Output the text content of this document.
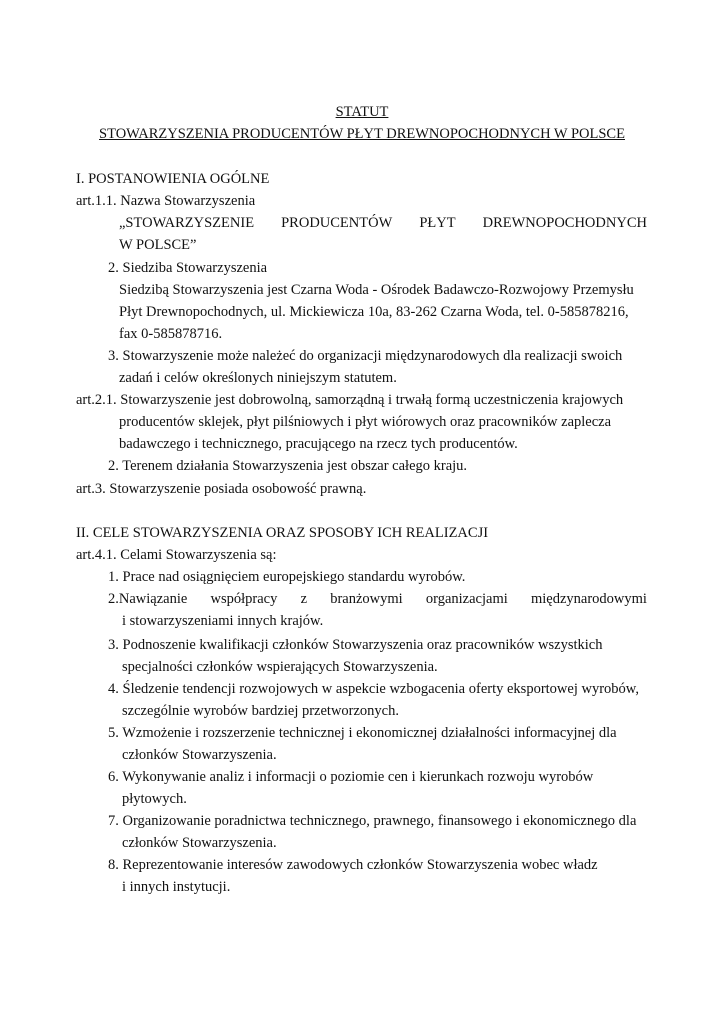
STATUT
STOWARZYSZENIA PRODUCENTÓW PŁYT DREWNOPOCHODNYCH W POLSCE
I. POSTANOWIENIA OGÓLNE
art.1.1. Nazwa Stowarzyszenia
„STOWARZYSZENIE PRODUCENTÓW PŁYT DREWNOPOCHODNYCH
W POLSCE”
2. Siedziba Stowarzyszenia
Siedzibą Stowarzyszenia jest Czarna Woda - Ośrodek Badawczo-Rozwojowy Przemysłu
Płyt Drewnopochodnych, ul. Mickiewicza 10a, 83-262 Czarna Woda, tel. 0-585878216,
fax 0-585878716.
3. Stowarzyszenie może należeć do organizacji międzynarodowych dla realizacji swoich
zadań i celów określonych niniejszym statutem.
art.2.1. Stowarzyszenie jest dobrowolną, samorządną i trwałą formą uczestniczenia krajowych
producentów sklejek, płyt pilśniowych i płyt wiórowych oraz pracowników zaplecza
badawczego i technicznego, pracującego na rzecz tych producentów.
2. Terenem działania Stowarzyszenia jest obszar całego kraju.
art.3. Stowarzyszenie posiada osobowość prawną.
II. CELE STOWARZYSZENIA ORAZ SPOSOBY ICH REALIZACJI
art.4.1. Celami Stowarzyszenia są:
1. Prace nad osiągnięciem europejskiego standardu wyrobów.
2.Nawiązanie współpracy z branżowymi organizacjami międzynarodowymi
i stowarzyszeniami innych krajów.
3. Podnoszenie kwalifikacji członków Stowarzyszenia oraz pracowników wszystkich
specjalności członków wspierających Stowarzyszenia.
4. Śledzenie tendencji rozwojowych w aspekcie wzbogacenia oferty eksportowej wyrobów,
szczególnie wyrobów bardziej przetworzonych.
5. Wzmożenie i rozszerzenie technicznej i ekonomicznej działalności informacyjnej dla
członków Stowarzyszenia.
6. Wykonywanie analiz i informacji o poziomie cen i kierunkach rozwoju wyrobów
płytowych.
7. Organizowanie poradnictwa technicznego, prawnego, finansowego i ekonomicznego dla
członków Stowarzyszenia.
8. Reprezentowanie interesów zawodowych członków Stowarzyszenia wobec władz
i innych instytucji.
